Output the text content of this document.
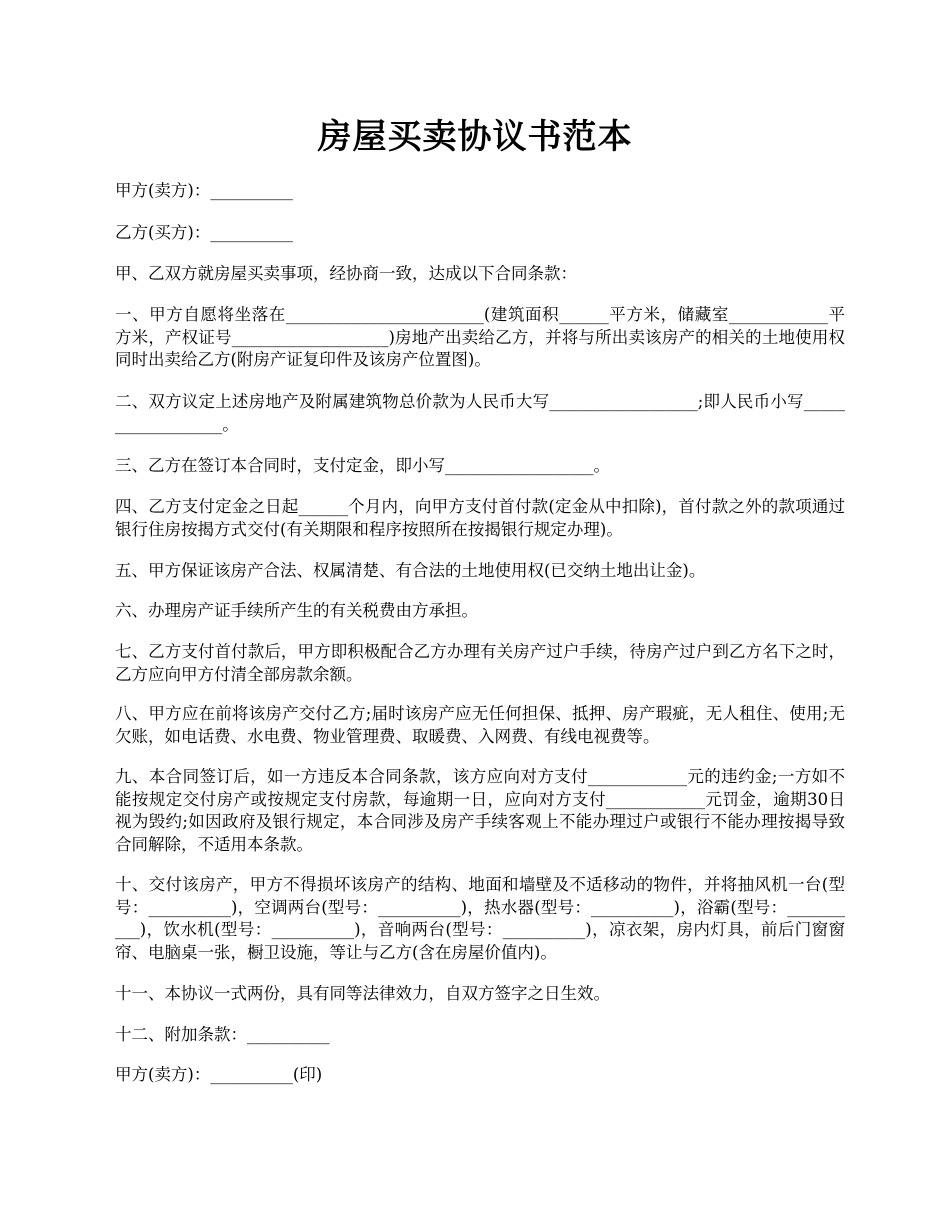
房屋买卖协议书范本

甲方(卖方)：__________

乙方(买方)：__________

甲、乙双方就房屋买卖事项，经协商一致，达成以下合同条款：

一、甲方自愿将坐落在________________________(建筑面积______平方米，储藏室____________平方米，产权证号___________________)房地产出卖给乙方，并将与所出卖该房产的相关的土地使用权同时出卖给乙方(附房产证复印件及该房产位置图)。

二、双方议定上述房地产及附属建筑物总价款为人民币大写__________________;即人民币小写__________________。

三、乙方在签订本合同时，支付定金，即小写__________________。

四、乙方支付定金之日起______个月内，向甲方支付首付款(定金从中扣除)，首付款之外的款项通过银行住房按揭方式交付(有关期限和程序按照所在按揭银行规定办理)。

五、甲方保证该房产合法、权属清楚、有合法的土地使用权(已交纳土地出让金)。

六、办理房产证手续所产生的有关税费由方承担。

七、乙方支付首付款后，甲方即积极配合乙方办理有关房产过户手续，待房产过户到乙方名下之时，乙方应向甲方付清全部房款余额。

八、甲方应在前将该房产交付乙方;届时该房产应无任何担保、抵押、房产瑕疵，无人租住、使用;无欠账，如电话费、水电费、物业管理费、取暖费、入网费、有线电视费等。

九、本合同签订后，如一方违反本合同条款，该方应向对方支付____________元的违约金;一方如不能按规定交付房产或按规定支付房款，每逾期一日，应向对方支付____________元罚金，逾期30日视为毁约;如因政府及银行规定，本合同涉及房产手续客观上不能办理过户或银行不能办理按揭导致合同解除，不适用本条款。

十、交付该房产，甲方不得损坏该房产的结构、地面和墙壁及不适移动的物件，并将抽风机一台(型号：__________)，空调两台(型号：__________)，热水器(型号：__________)，浴霸(型号：__________)，饮水机(型号：__________)，音响两台(型号：__________)，凉衣架，房内灯具，前后门窗窗帘、电脑桌一张，橱卫设施，等让与乙方(含在房屋价值内)。

十一、本协议一式两份，具有同等法律效力，自双方签字之日生效。

十二、附加条款：__________

甲方(卖方)：__________(印)
